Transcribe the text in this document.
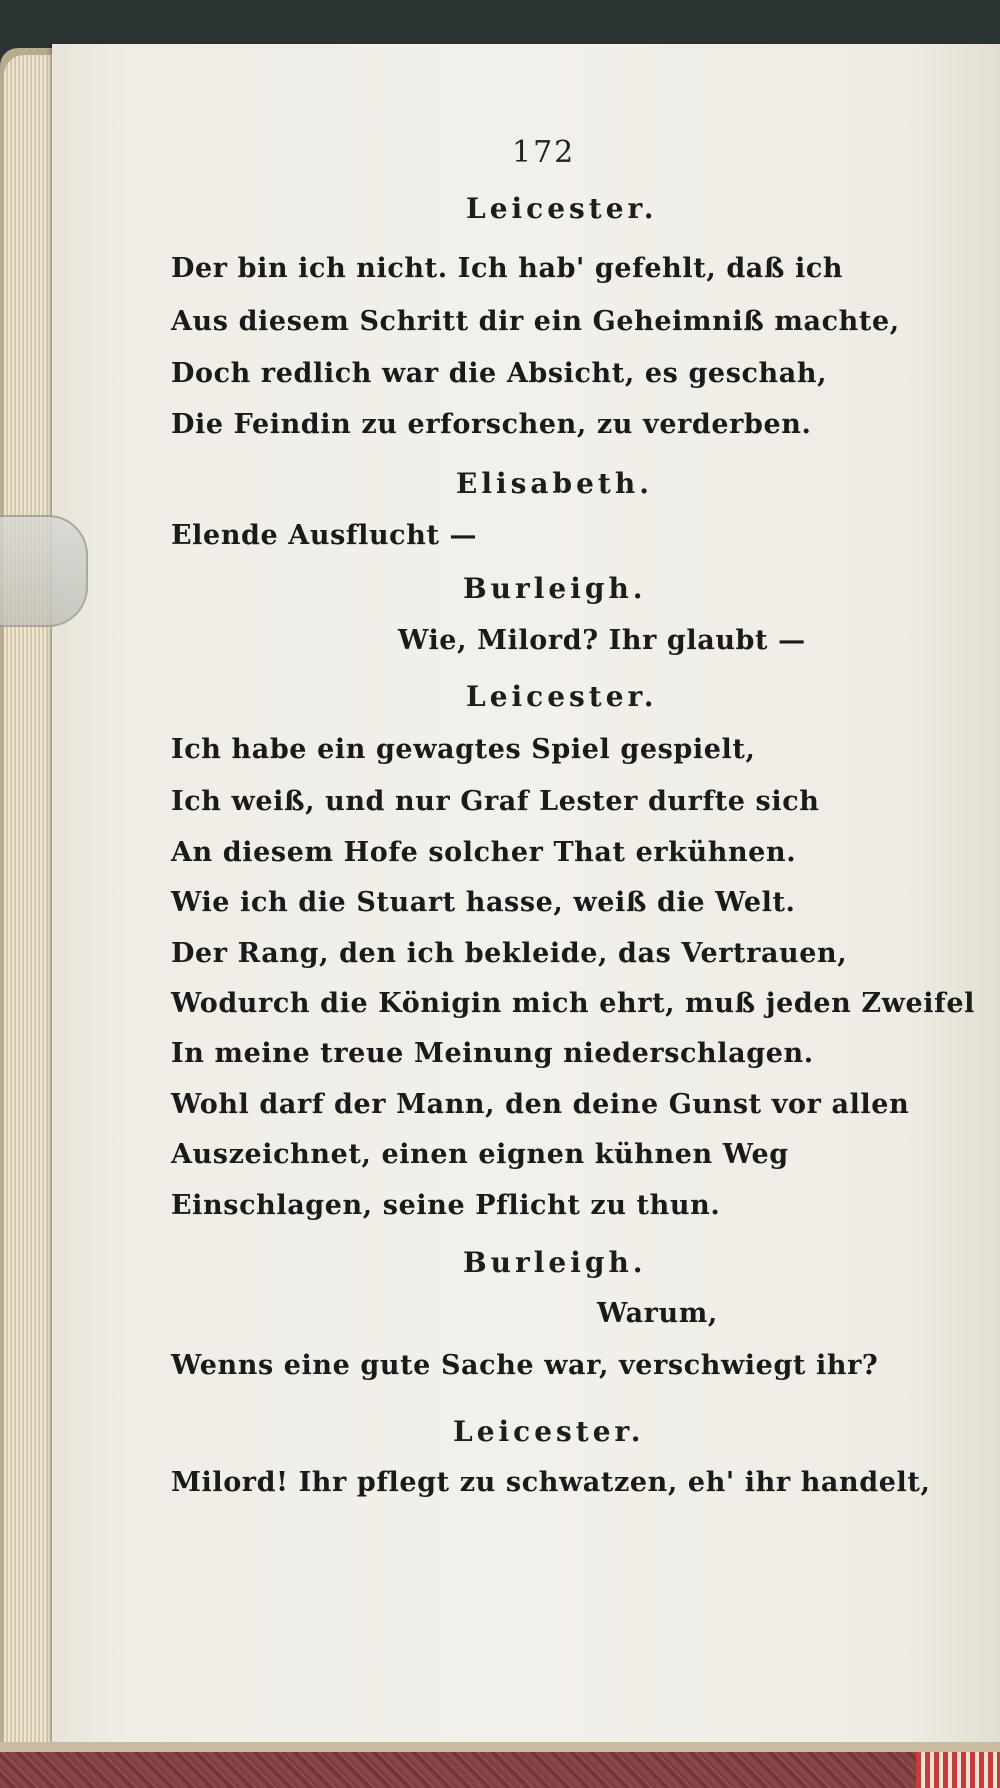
172
Leicester.
Der bin ich nicht. Ich hab' gefehlt, daß ich
Aus diesem Schritt dir ein Geheimniß machte,
Doch redlich war die Absicht, es geschah,
Die Feindin zu erforschen, zu verderben.
Elisabeth.
Elende Ausflucht —
Burleigh.
Wie, Milord? Ihr glaubt —
Leicester.
Ich habe ein gewagtes Spiel gespielt,
Ich weiß, und nur Graf Lester durfte sich
An diesem Hofe solcher That erkühnen.
Wie ich die Stuart hasse, weiß die Welt.
Der Rang, den ich bekleide, das Vertrauen,
Wodurch die Königin mich ehrt, muß jeden Zweifel
In meine treue Meinung niederschlagen.
Wohl darf der Mann, den deine Gunst vor allen
Auszeichnet, einen eignen kühnen Weg
Einschlagen, seine Pflicht zu thun.
Burleigh.
Warum,
Wenns eine gute Sache war, verschwiegt ihr?
Leicester.
Milord! Ihr pflegt zu schwatzen, eh' ihr handelt,
